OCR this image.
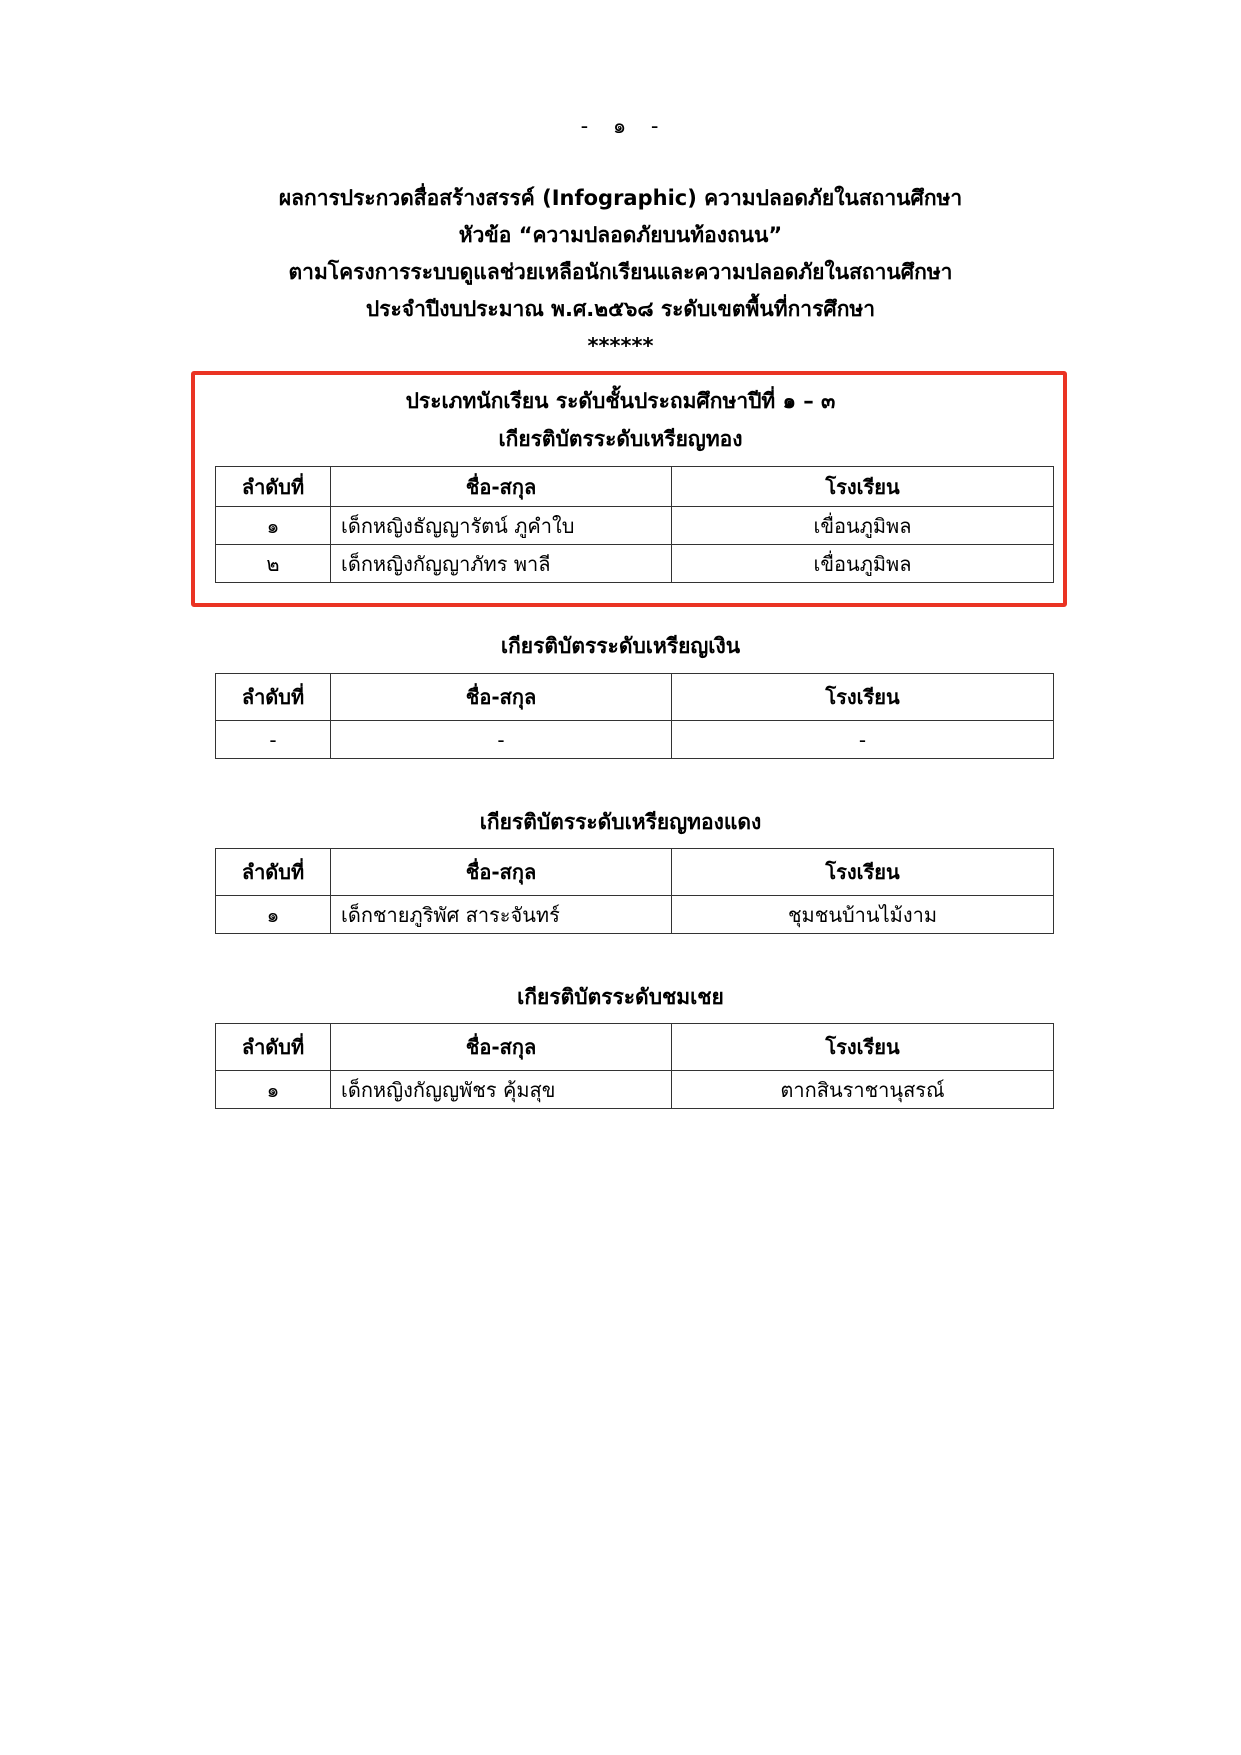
- ๑ -
ผลการประกวดสื่อสร้างสรรค์ (Infographic) ความปลอดภัยในสถานศึกษา
หัวข้อ “ความปลอดภัยบนท้องถนน”
ตามโครงการระบบดูแลช่วยเหลือนักเรียนและความปลอดภัยในสถานศึกษา
ประจำปีงบประมาณ พ.ศ.๒๕๖๘ ระดับเขตพื้นที่การศึกษา
******
ประเภทนักเรียน ระดับชั้นประถมศึกษาปีที่ ๑ – ๓
เกียรติบัตรระดับเหรียญทอง
ลำดับที่	ชื่อ-สกุล	โรงเรียน
๑	เด็กหญิงธัญญารัตน์ ภูคำใบ	เขื่อนภูมิพล
๒	เด็กหญิงกัญญาภัทร พาลี	เขื่อนภูมิพล
เกียรติบัตรระดับเหรียญเงิน
ลำดับที่	ชื่อ-สกุล	โรงเรียน
-	-	-
เกียรติบัตรระดับเหรียญทองแดง
ลำดับที่	ชื่อ-สกุล	โรงเรียน
๑	เด็กชายภูริพัศ สาระจันทร์	ชุมชนบ้านไม้งาม
เกียรติบัตรระดับชมเชย
ลำดับที่	ชื่อ-สกุล	โรงเรียน
๑	เด็กหญิงกัญญพัชร คุ้มสุข	ตากสินราชานุสรณ์
